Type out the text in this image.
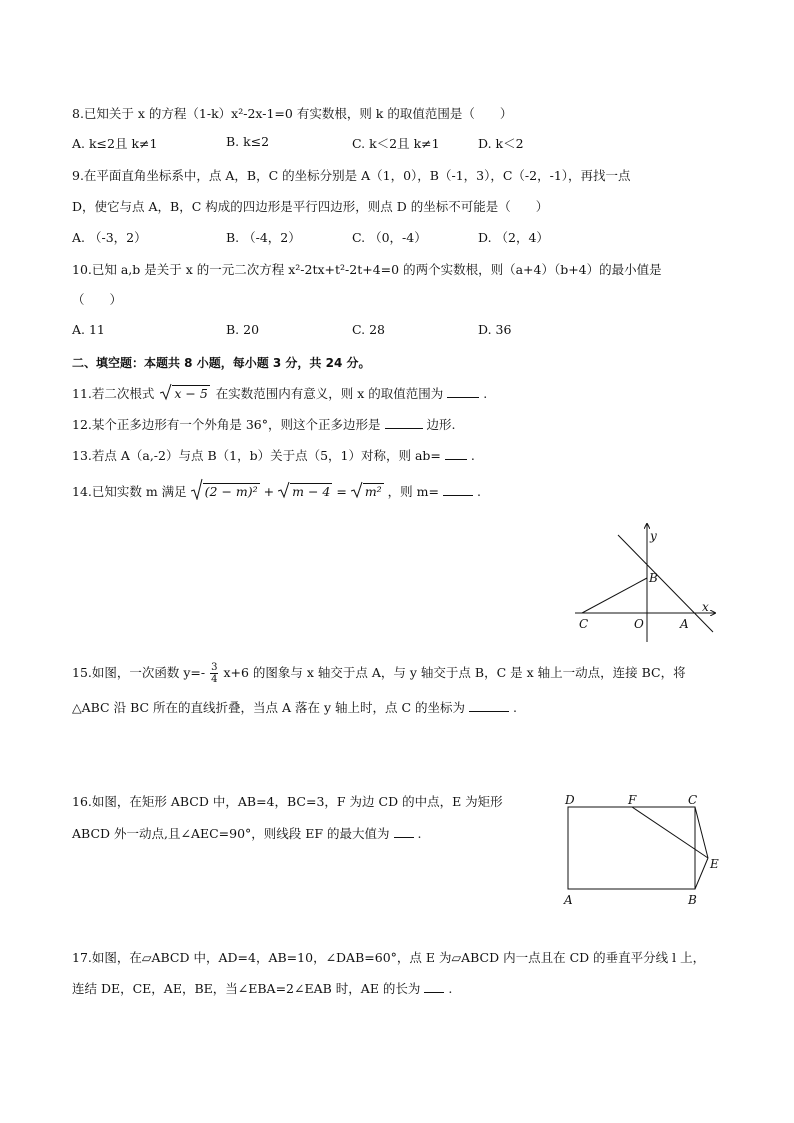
8.已知关于 x 的方程（1-k）x²-2x-1=0 有实数根，则 k 的取值范围是（　　）
A. k≤2且 k≠1	B. k≤2	C. k＜2且 k≠1	D. k＜2
9.在平面直角坐标系中，点 A，B，C 的坐标分别是 A（1，0），B（-1，3），C（-2，-1），再找一点
D，使它与点 A，B，C 构成的四边形是平行四边形，则点 D 的坐标不可能是（　　）
A. （-3，2）	B. （-4，2）	C. （0，-4）	D. （2，4）
10.已知 a,b 是关于 x 的一元二次方程 x²-2tx+t²-2t+4=0 的两个实数根，则（a+4）（b+4）的最小值是
（　　）
A. 11	B. 20	C. 28	D. 36
二、填空题：本题共 8 小题，每小题 3 分，共 24 分。
11.若二次根式 x − 5 在实数范围内有意义，则 x 的取值范围为	.
12.某个正多边形有一个外角是 36°，则这个正多边形是	边形.
13.若点 A（a,-2）与点 B（1，b）关于点（5，1）对称，则 ab= .
14.已知实数 m 满足 (2 − m)² + m − 4 = m² ，则 m=	.
y
x
B
C	O	A
15.如图，一次函数 $y=- \frac{3}{4} x+6$ 的图象与 x 轴交于点 A，与 y 轴交于点 B，C 是 x 轴上一动点，连接 BC，将
△ABC 沿 BC 所在的直线折叠，当点 A 落在 y 轴上时，点 C 的坐标为	.
16.如图，在矩形 ABCD 中，AB=4，BC=3，F 为边 CD 的中点，E 为矩形
ABCD 外一动点,且∠AEC=90°，则线段 EF 的最大值为 .
D	F	C
E
A	B
17.如图，在▱ABCD 中，AD=4，AB=10，∠DAB=60°，点 E 为▱ABCD 内一点且在 CD 的垂直平分线 l 上，
连结 DE，CE，AE，BE，当∠EBA=2∠EAB 时，AE 的长为 .
